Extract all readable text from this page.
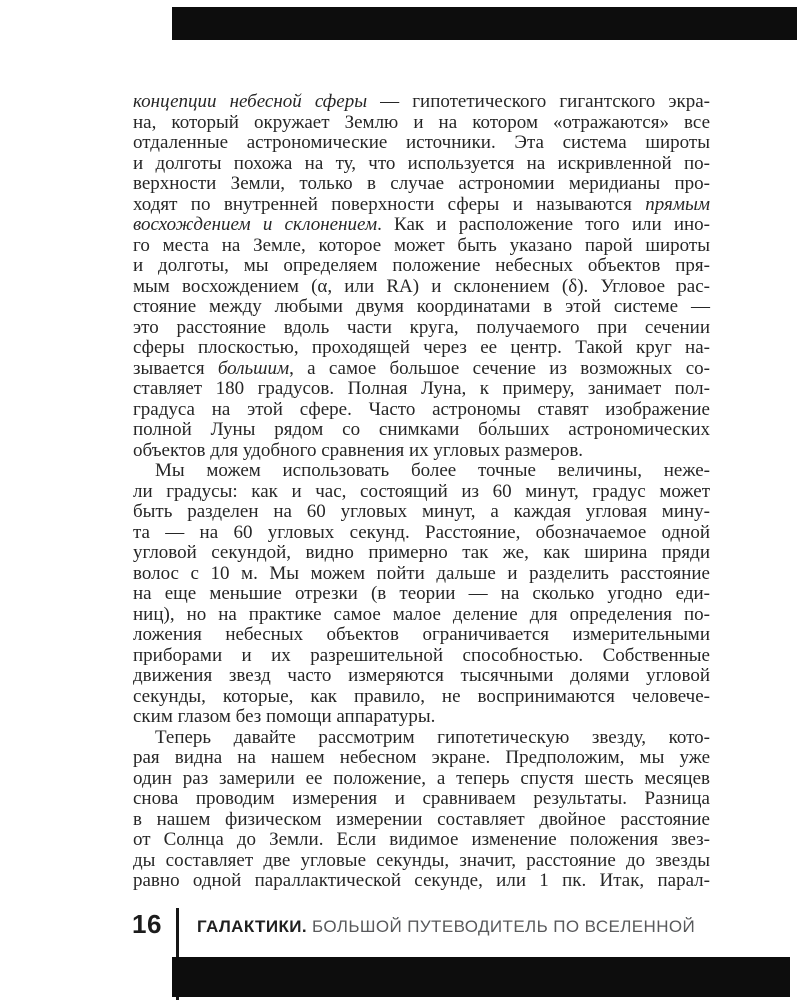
концепции небесной сферы — гипотетического гигантского экра-
на, который окружает Землю и на котором «отражаются» все
отдаленные астрономические источники. Эта система широты
и долготы похожа на ту, что используется на искривленной по-
верхности Земли, только в случае астрономии меридианы про-
ходят по внутренней поверхности сферы и называются прямым
восхождением и склонением. Как и расположение того или ино-
го места на Земле, которое может быть указано парой широты
и долготы, мы определяем положение небесных объектов пря-
мым восхождением (α, или RA) и склонением (δ). Угловое рас-
стояние между любыми двумя координатами в этой системе —
это расстояние вдоль части круга, получаемого при сечении
сферы плоскостью, проходящей через ее центр. Такой круг на-
зывается большим, а самое большое сечение из возможных со-
ставляет 180 градусов. Полная Луна, к примеру, занимает пол-
градуса на этой сфере. Часто астрономы ставят изображение
полной Луны рядом со снимками бо́льших астрономических
объектов для удобного сравнения их угловых размеров.
Мы можем использовать более точные величины, неже-
ли градусы: как и час, состоящий из 60 минут, градус может
быть разделен на 60 угловых минут, а каждая угловая мину-
та — на 60 угловых секунд. Расстояние, обозначаемое одной
угловой секундой, видно примерно так же, как ширина пряди
волос с 10 м. Мы можем пойти дальше и разделить расстояние
на еще меньшие отрезки (в теории — на сколько угодно еди-
ниц), но на практике самое малое деление для определения по-
ложения небесных объектов ограничивается измерительными
приборами и их разрешительной способностью. Собственные
движения звезд часто измеряются тысячными долями угловой
секунды, которые, как правило, не воспринимаются человече-
ским глазом без помощи аппаратуры.
Теперь давайте рассмотрим гипотетическую звезду, кото-
рая видна на нашем небесном экране. Предположим, мы уже
один раз замерили ее положение, а теперь спустя шесть месяцев
снова проводим измерения и сравниваем результаты. Разница
в нашем физическом измерении составляет двойное расстояние
от Солнца до Земли. Если видимое изменение положения звез-
ды составляет две угловые секунды, значит, расстояние до звезды
равно одной параллактической секунде, или 1 пк. Итак, парал-
16 ГАЛАКТИКИ. БОЛЬШОЙ ПУТЕВОДИТЕЛЬ ПО ВСЕЛЕННОЙ
